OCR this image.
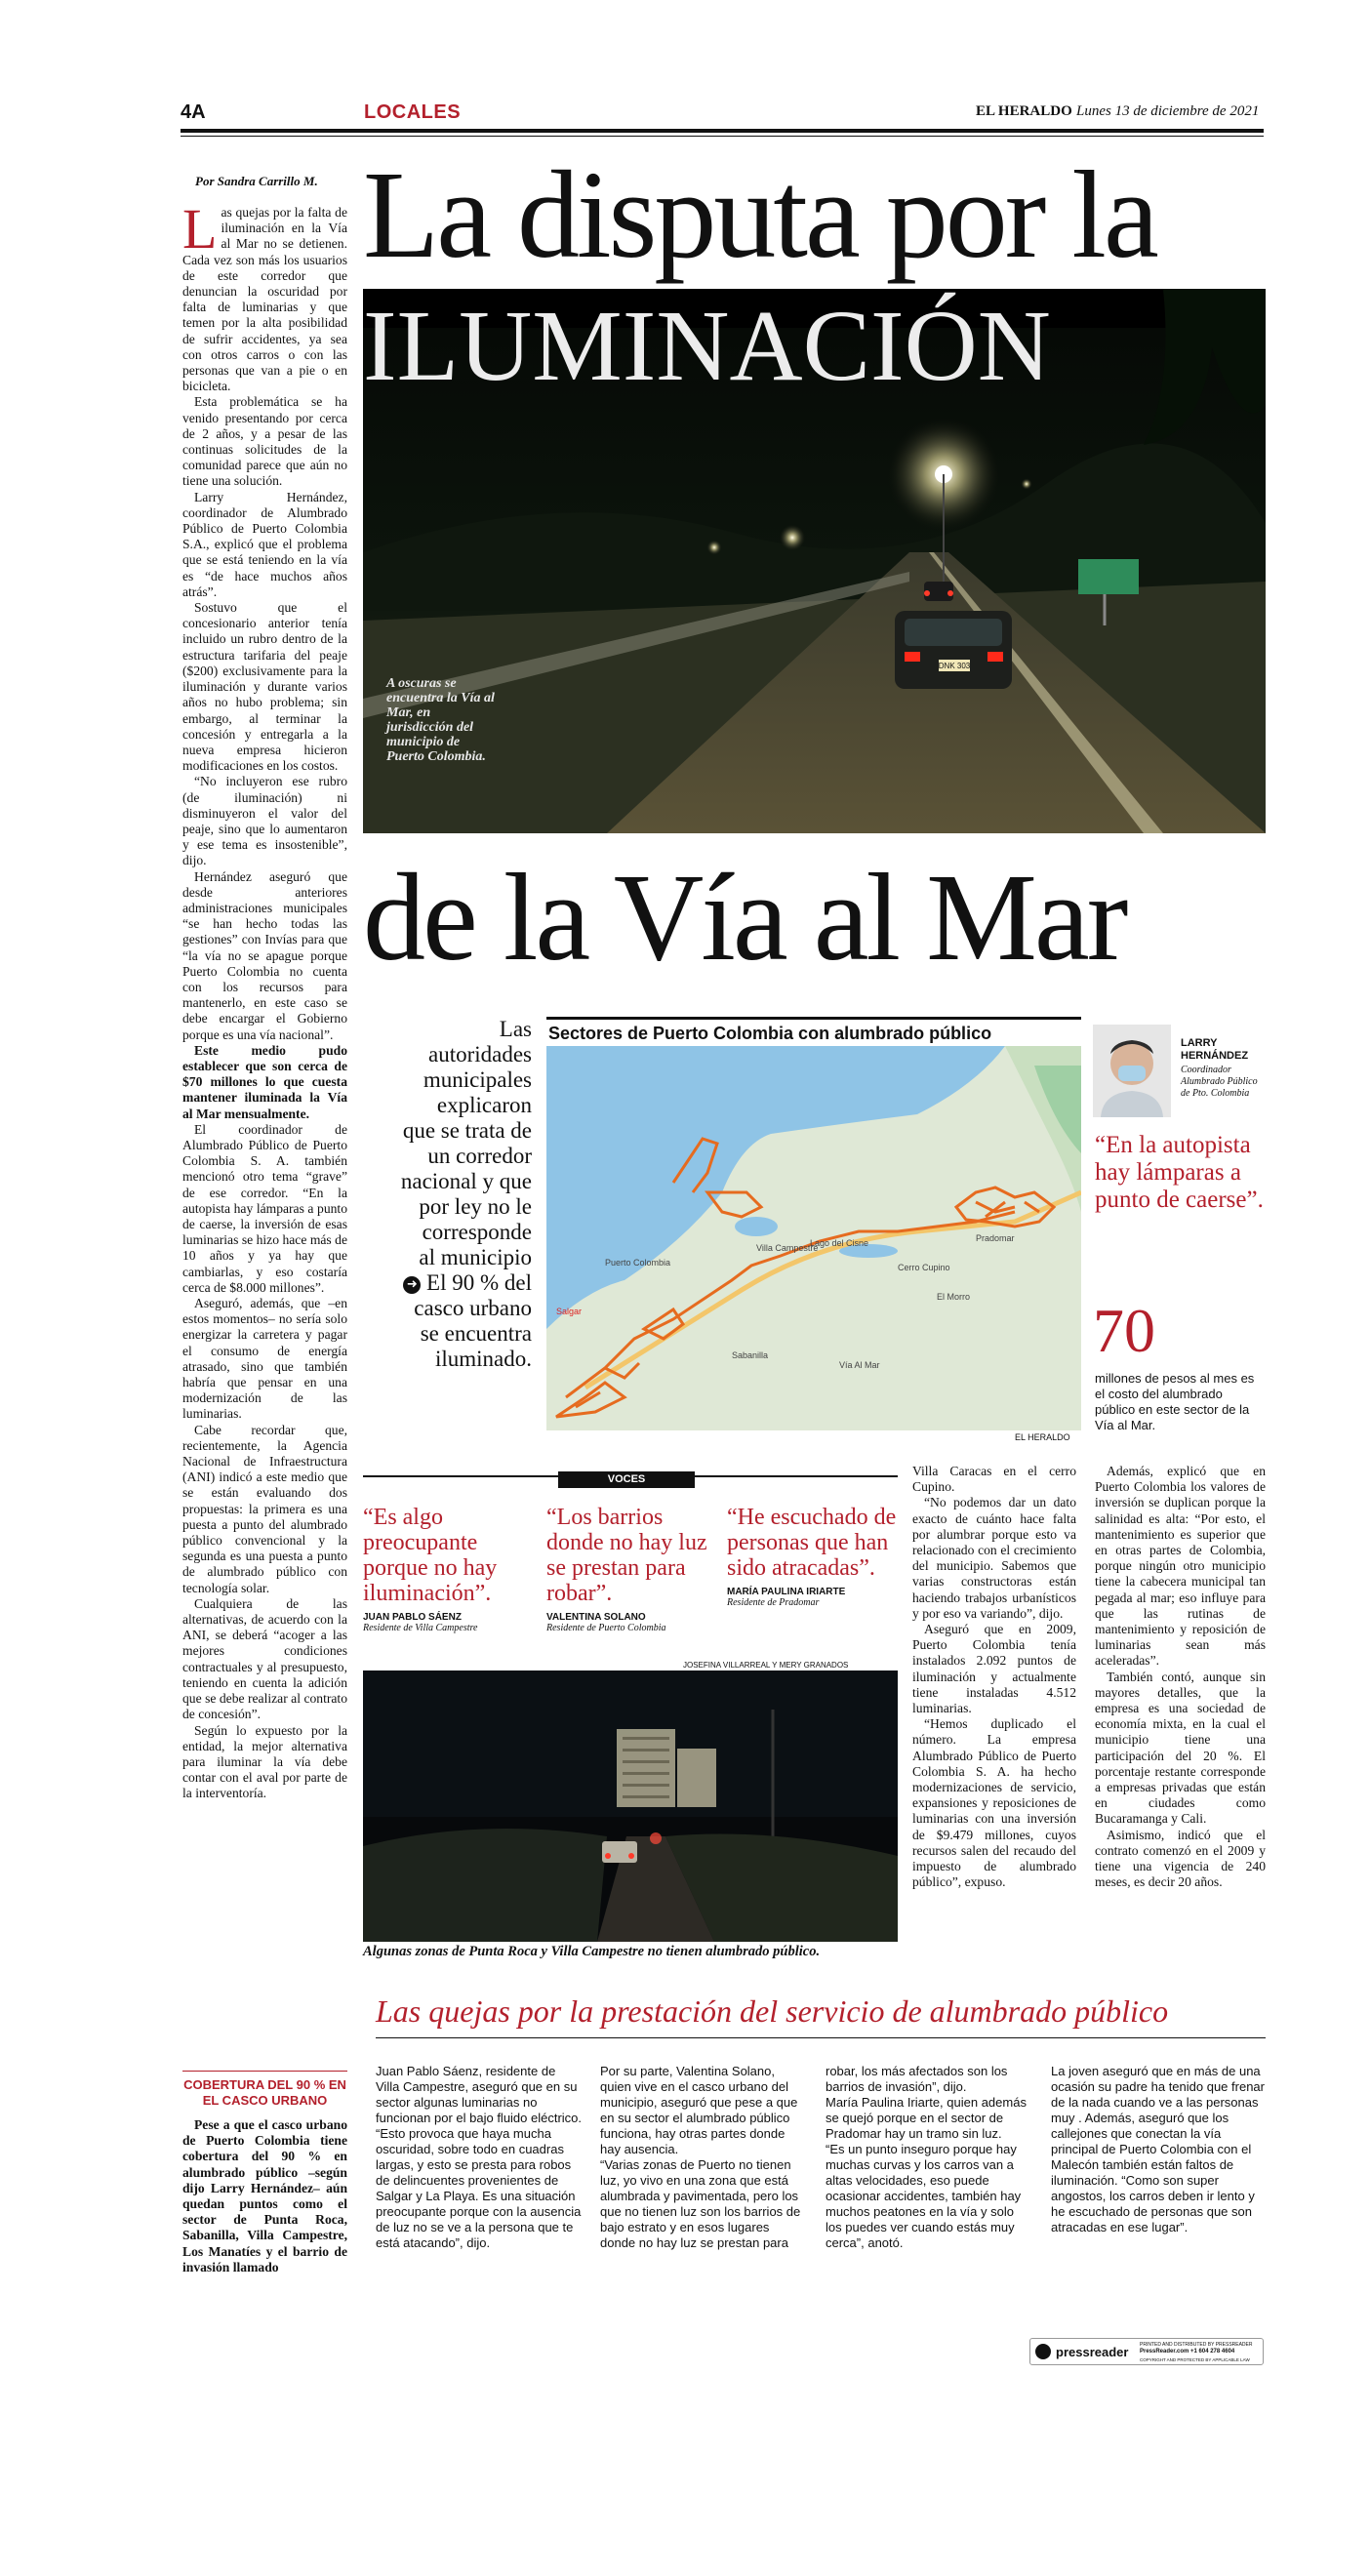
4A	LOCALES	EL HERALDO Lunes 13 de diciembre de 2021
Por Sandra Carrillo M. La disputa por la
DNK 303
A oscuras se encuentra la Vía al Mar, en jurisdicción del municipio de Puerto Colombia.
ILUMINACIÓN
de la Vía al Mar

Las quejas por la falta de iluminación en la Vía al Mar no se detienen. Cada vez son más los usuarios de este corredor que denuncian la oscuridad por falta de luminarias y que temen por la alta posibilidad de sufrir accidentes, ya sea con otros carros o con las personas que van a pie o en bicicleta.

Esta problemática se ha venido presentando por cerca de 2 años, y a pesar de las continuas solicitudes de la comunidad parece que aún no tiene una solución.

Larry Hernández, coordinador de Alumbrado Público de Puerto Colombia S.A., explicó que el problema que se está teniendo en la vía es “de hace muchos años atrás”.

Sostuvo que el concesionario anterior tenía incluido un rubro dentro de la estructura tarifaria del peaje ($200) exclusivamente para la iluminación y durante varios años no hubo problema; sin embargo, al terminar la concesión y entregarla a la nueva empresa hicieron modificaciones en los costos.

“No incluyeron ese rubro (de iluminación) ni disminuyeron el valor del peaje, sino que lo aumentaron y ese tema es insostenible”, dijo.

Hernández aseguró que desde anteriores administraciones municipales “se han hecho todas las gestiones” con Invías para que “la vía no se apague porque Puerto Colombia no cuenta con los recursos para mantenerlo, en este caso se debe encargar el Gobierno porque es una vía nacional”.

Este medio pudo establecer que son cerca de $70 millones lo que cuesta mantener iluminada la Vía al Mar mensualmente.

El coordinador de Alumbrado Público de Puerto Colombia S. A. también mencionó otro tema “grave” de ese corredor. “En la autopista hay lámparas a punto de caerse, la inversión de esas luminarias se hizo hace más de 10 años y ya hay que cambiarlas, y eso costaría cerca de $8.000 millones”.

Aseguró, además, que –en estos momentos– no sería solo energizar la carretera y pagar el consumo de energía atrasado, sino que también habría que pensar en una modernización de las luminarias.

Cabe recordar que, recientemente, la Agencia Nacional de Infraestructura (ANI) indicó a este medio que se están evaluando dos propuestas: la primera es una puesta a punto del alumbrado público convencional y la segunda es una puesta a punto de alumbrado público con tecnología solar.

Cualquiera de las alternativas, de acuerdo con la ANI, se deberá “acoger a las mejores condiciones contractuales y al presupuesto, teniendo en cuenta la adición que se debe realizar al contrato de concesión”.

Según lo expuesto por la entidad, la mejor alternativa para iluminar la vía debe contar con el aval por parte de la interventoría.

COBERTURA DEL 90 % EN EL CASCO URBANO

Pese a que el casco urbano de Puerto Colombia tiene cobertura del 90 % en alumbrado público –según dijo Larry Hernández– aún quedan puntos como el sector de Punta Roca, Sabanilla, Villa Campestre, Los Manatíes y el barrio de invasión llamado

Las
autoridades
municipales
explicaron
que se trata de
un corredor
nacional y que
por ley no le
corresponde
al municipio
➜ El 90 % del
casco urbano
se encuentra
iluminado.
Sectores de Puerto Colombia con alumbrado público
Salgar
Puerto Colombia
Pradomar
Villa Campestre
Cerro Cupino
Lago del Cisne
Sabanilla
El Morro
Vía Al Mar
EL HERALDO
LARRY HERNÁNDEZ
Coordinador Alumbrado Público de Pto. Colombia
“En la autopista hay lámparas a punto de caerse”.
70
millones de pesos al mes es el costo del alumbrado público en este sector de la Vía al Mar.
VOCES
“Es algo preocupante porque no hay iluminación”.
JUAN PABLO SÁENZ
Residente de Villa Campestre
“Los barrios donde no hay luz se prestan para robar”.
VALENTINA SOLANO
Residente de Puerto Colombia
“He escuchado de personas que han sido atracadas”.
MARÍA PAULINA IRIARTE
Residente de Pradomar
JOSEFINA VILLARREAL Y MERY GRANADOS
Algunas zonas de Punta Roca y Villa Campestre no tienen alumbrado público.

Villa Caracas en el cerro Cupino.

“No podemos dar un dato exacto de cuánto hace falta por alumbrar porque esto va relacionado con el crecimiento del municipio. Sabemos que varias constructoras están haciendo trabajos urbanísticos y por eso va variando”, dijo.

Aseguró que en 2009, Puerto Colombia tenía instalados 2.092 puntos de iluminación y actualmente tiene instaladas 4.512 luminarias.

“Hemos duplicado el número. La empresa Alumbrado Público de Puerto Colombia S. A. ha hecho modernizaciones de servicio, expansiones y reposiciones de luminarias con una inversión de $9.479 millones, cuyos recursos salen del recaudo del impuesto de alumbrado público”, expuso.

Además, explicó que en Puerto Colombia los valores de inversión se duplican porque la salinidad es alta: “Por esto, el mantenimiento es superior que en otras partes de Colombia, porque ningún otro municipio tiene la cabecera municipal tan pegada al mar; eso influye para que las rutinas de mantenimiento y reposición de luminarias sean más aceleradas”.

También contó, aunque sin mayores detalles, que la empresa es una sociedad de economía mixta, en la cual el municipio tiene una participación del 20 %. El porcentaje restante corresponde a empresas privadas que están en ciudades como Bucaramanga y Cali.

Asimismo, indicó que el contrato comenzó en el 2009 y tiene una vigencia de 240 meses, es decir 20 años.

Las quejas por la prestación del servicio de alumbrado público
Juan Pablo Sáenz, residente de Villa Campestre, aseguró que en su sector algunas luminarias no funcionan por el bajo fluido eléctrico.
“Esto provoca que haya mucha oscuridad, sobre todo en cuadras largas, y esto se presta para robos de delincuentes provenientes de Salgar y La Playa. Es una situación preocupante porque con la ausencia de luz no se ve a la persona que te está atacando”, dijo.
Por su parte, Valentina Solano, quien vive en el casco urbano del municipio, aseguró que pese a que en su sector el alumbrado público funciona, hay otras partes donde hay ausencia.
“Varias zonas de Puerto no tienen luz, yo vivo en una zona que está alumbrada y pavimentada, pero los que no tienen luz son los barrios de bajo estrato y en esos lugares donde no hay luz se prestan para
robar, los más afectados son los barrios de invasión”, dijo.
María Paulina Iriarte, quien además se quejó porque en el sector de Pradomar hay un tramo sin luz.
“Es un punto inseguro porque hay muchas curvas y los carros van a altas velocidades, eso puede ocasionar accidentes, también hay muchos peatones en la vía y solo los puedes ver cuando estás muy cerca”, anotó.
La joven aseguró que en más de una ocasión su padre ha tenido que frenar de la nada cuando ve a las personas muy . Además, aseguró que los callejones que conectan la vía principal de Puerto Colombia con el Malecón también están faltos de iluminación. “Como son super angostos, los carros deben ir lento y he escuchado de personas que son atracadas en ese lugar”.
pressreader PRINTED AND DISTRIBUTED BY PRESSREADER
PressReader.com +1 604 278 4604
COPYRIGHT AND PROTECTED BY APPLICABLE LAW
